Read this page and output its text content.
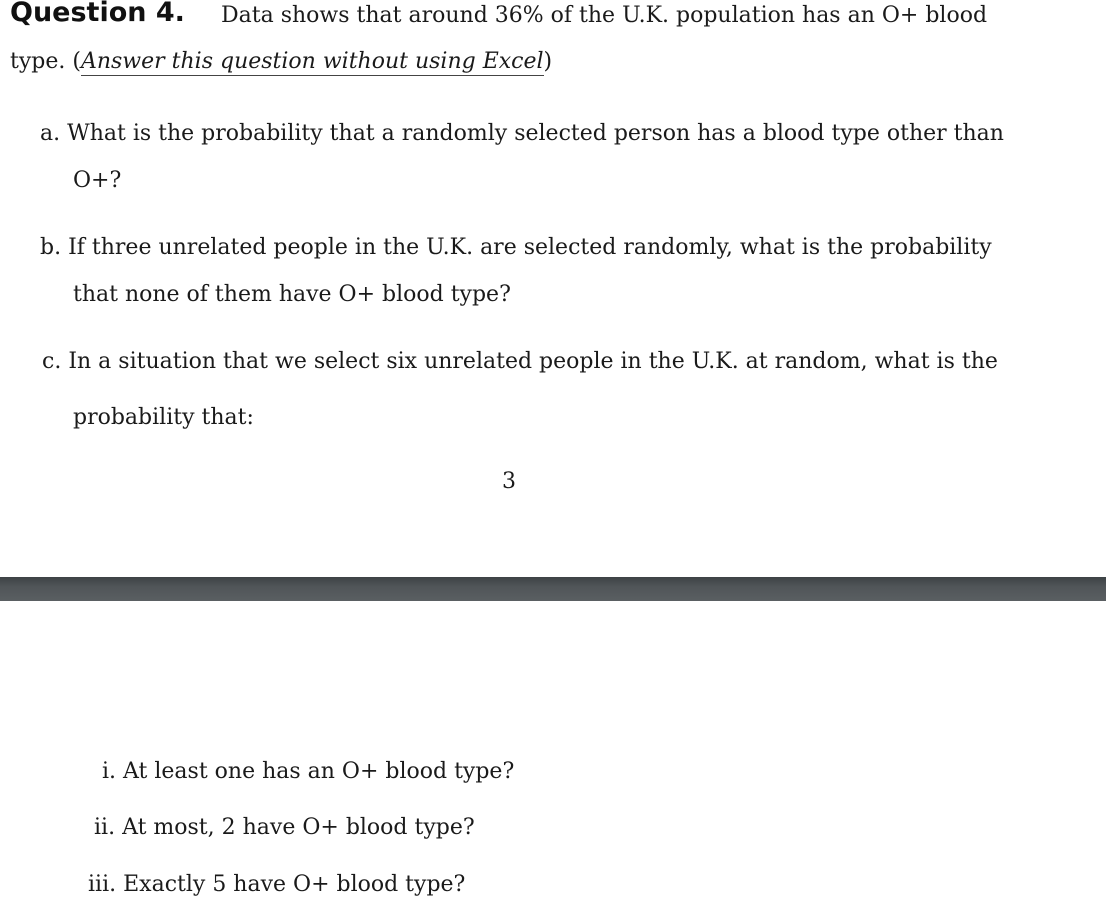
Question 4. Data shows that around 36% of the U.K. population has an O+ blood
type. (Answer this question without using Excel)
a. What is the probability that a randomly selected person has a blood type other than
O+?
b. If three unrelated people in the U.K. are selected randomly, what is the probability
that none of them have O+ blood type?
c. In a situation that we select six unrelated people in the U.K. at random, what is the
probability that:
3
i. At least one has an O+ blood type?
ii. At most, 2 have O+ blood type?
iii. Exactly 5 have O+ blood type?
